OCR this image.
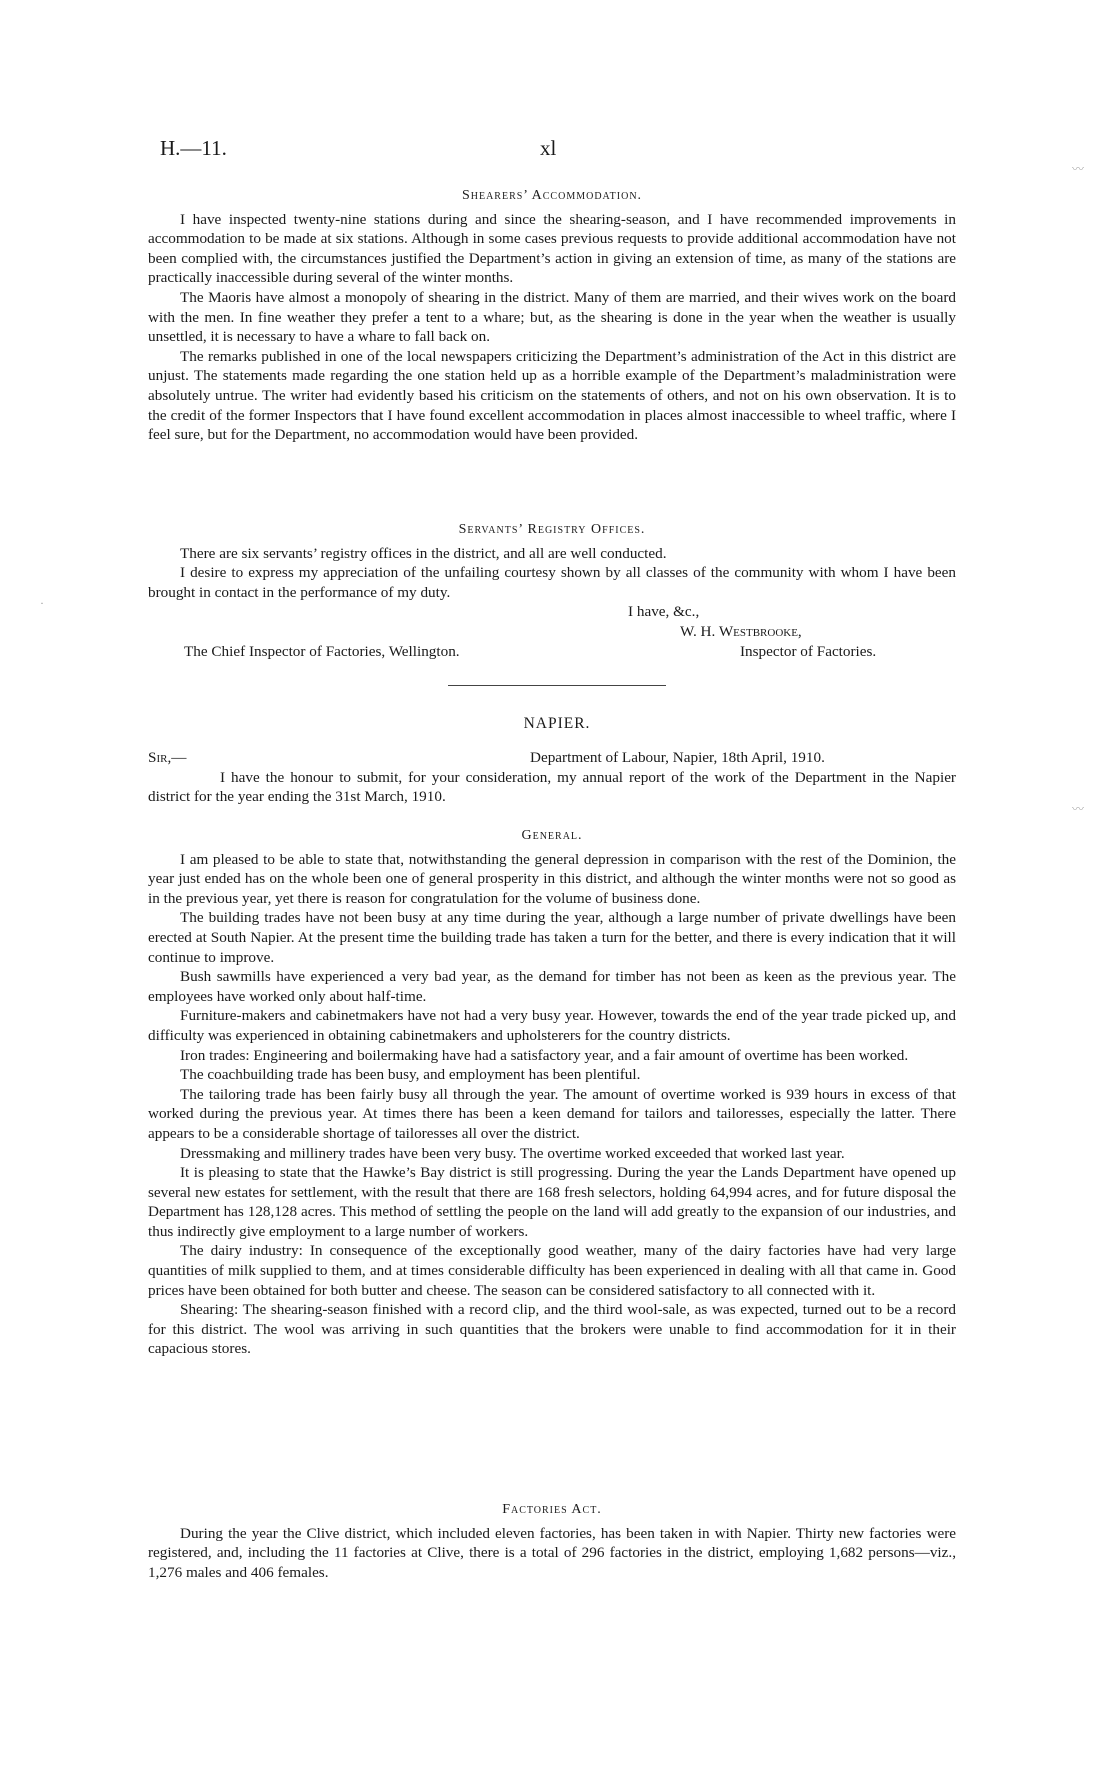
H.—11.	xl
Shearers’ Accommodation.

I have inspected twenty-nine stations during and since the shearing-season, and I have recommended improvements in accommodation to be made at six stations. Although in some cases previous requests to provide additional accommodation have not been complied with, the circumstances justified the Department’s action in giving an extension of time, as many of the stations are practically inaccessible during several of the winter months.

The Maoris have almost a monopoly of shearing in the district. Many of them are married, and their wives work on the board with the men. In fine weather they prefer a tent to a whare; but, as the shearing is done in the year when the weather is usually unsettled, it is necessary to have a whare to fall back on.

The remarks published in one of the local newspapers criticizing the Department’s administration of the Act in this district are unjust. The statements made regarding the one station held up as a horrible example of the Department’s maladministration were absolutely untrue. The writer had evidently based his criticism on the statements of others, and not on his own observation. It is to the credit of the former Inspectors that I have found excellent accommodation in places almost inaccessible to wheel traffic, where I feel sure, but for the Department, no accommodation would have been provided.

Servants’ Registry Offices.

There are six servants’ registry offices in the district, and all are well conducted.

I desire to express my appreciation of the unfailing courtesy shown by all classes of the community with whom I have been brought in contact in the performance of my duty.

I have, &c.,
W. H. Westbrooke,
The Chief Inspector of Factories, Wellington.	Inspector of Factories.
NAPIER.
Sir,—	Department of Labour, Napier, 18th April, 1910.

I have the honour to submit, for your consideration, my annual report of the work of the Department in the Napier district for the year ending the 31st March, 1910.

General.

I am pleased to be able to state that, notwithstanding the general depression in comparison with the rest of the Dominion, the year just ended has on the whole been one of general prosperity in this district, and although the winter months were not so good as in the previous year, yet there is reason for congratulation for the volume of business done.

The building trades have not been busy at any time during the year, although a large number of private dwellings have been erected at South Napier. At the present time the building trade has taken a turn for the better, and there is every indication that it will continue to improve.

Bush sawmills have experienced a very bad year, as the demand for timber has not been as keen as the previous year. The employees have worked only about half-time.

Furniture-makers and cabinetmakers have not had a very busy year. However, towards the end of the year trade picked up, and difficulty was experienced in obtaining cabinetmakers and upholsterers for the country districts.

Iron trades: Engineering and boilermaking have had a satisfactory year, and a fair amount of overtime has been worked.

The coachbuilding trade has been busy, and employment has been plentiful.

The tailoring trade has been fairly busy all through the year. The amount of overtime worked is 939 hours in excess of that worked during the previous year. At times there has been a keen demand for tailors and tailoresses, especially the latter. There appears to be a considerable shortage of tailoresses all over the district.

Dressmaking and millinery trades have been very busy. The overtime worked exceeded that worked last year.

It is pleasing to state that the Hawke’s Bay district is still progressing. During the year the Lands Department have opened up several new estates for settlement, with the result that there are 168 fresh selectors, holding 64,994 acres, and for future disposal the Department has 128,128 acres. This method of settling the people on the land will add greatly to the expansion of our industries, and thus indirectly give employment to a large number of workers.

The dairy industry: In consequence of the exceptionally good weather, many of the dairy factories have had very large quantities of milk supplied to them, and at times considerable difficulty has been experienced in dealing with all that came in. Good prices have been obtained for both butter and cheese. The season can be considered satisfactory to all connected with it.

Shearing: The shearing-season finished with a record clip, and the third wool-sale, as was expected, turned out to be a record for this district. The wool was arriving in such quantities that the brokers were unable to find accommodation for it in their capacious stores.

Factories Act.

During the year the Clive district, which included eleven factories, has been taken in with Napier. Thirty new factories were registered, and, including the 11 factories at Clive, there is a total of 296 factories in the district, employing 1,682 persons—viz., 1,276 males and 406 females.

〰
〰
·
